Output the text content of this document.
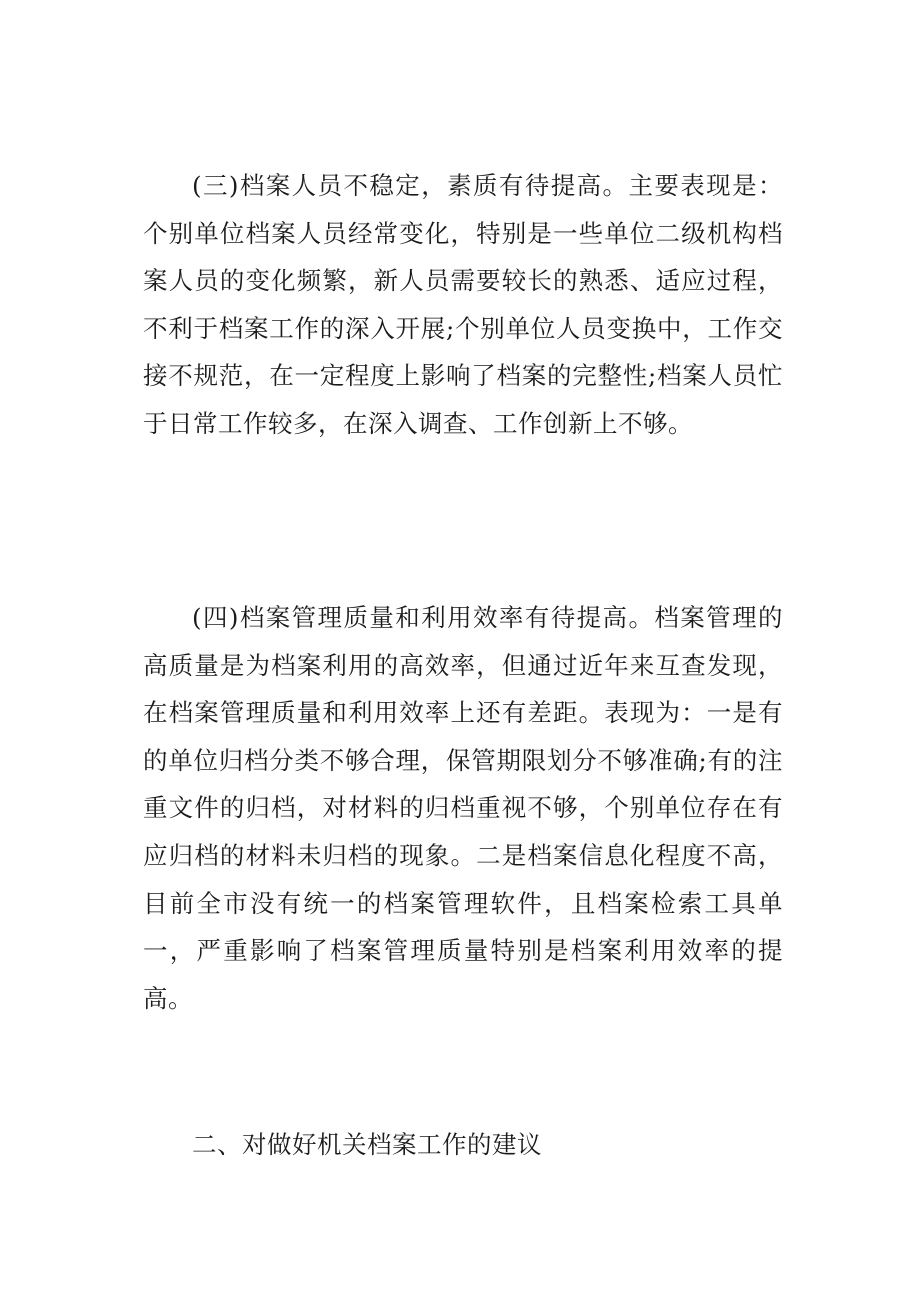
(三)档案人员不稳定，素质有待提高。主要表现是：个别单位档案人员经常变化，特别是一些单位二级机构档案人员的变化频繁，新人员需要较长的熟悉、适应过程，不利于档案工作的深入开展;个别单位人员变换中，工作交接不规范，在一定程度上影响了档案的完整性;档案人员忙于日常工作较多，在深入调查、工作创新上不够。

(四)档案管理质量和利用效率有待提高。档案管理的高质量是为档案利用的高效率，但通过近年来互查发现，在档案管理质量和利用效率上还有差距。表现为：一是有的单位归档分类不够合理，保管期限划分不够准确;有的注重文件的归档，对材料的归档重视不够，个别单位存在有应归档的材料未归档的现象。二是档案信息化程度不高，目前全市没有统一的档案管理软件，且档案检索工具单一，严重影响了档案管理质量特别是档案利用效率的提高。

二、对做好机关档案工作的建议
